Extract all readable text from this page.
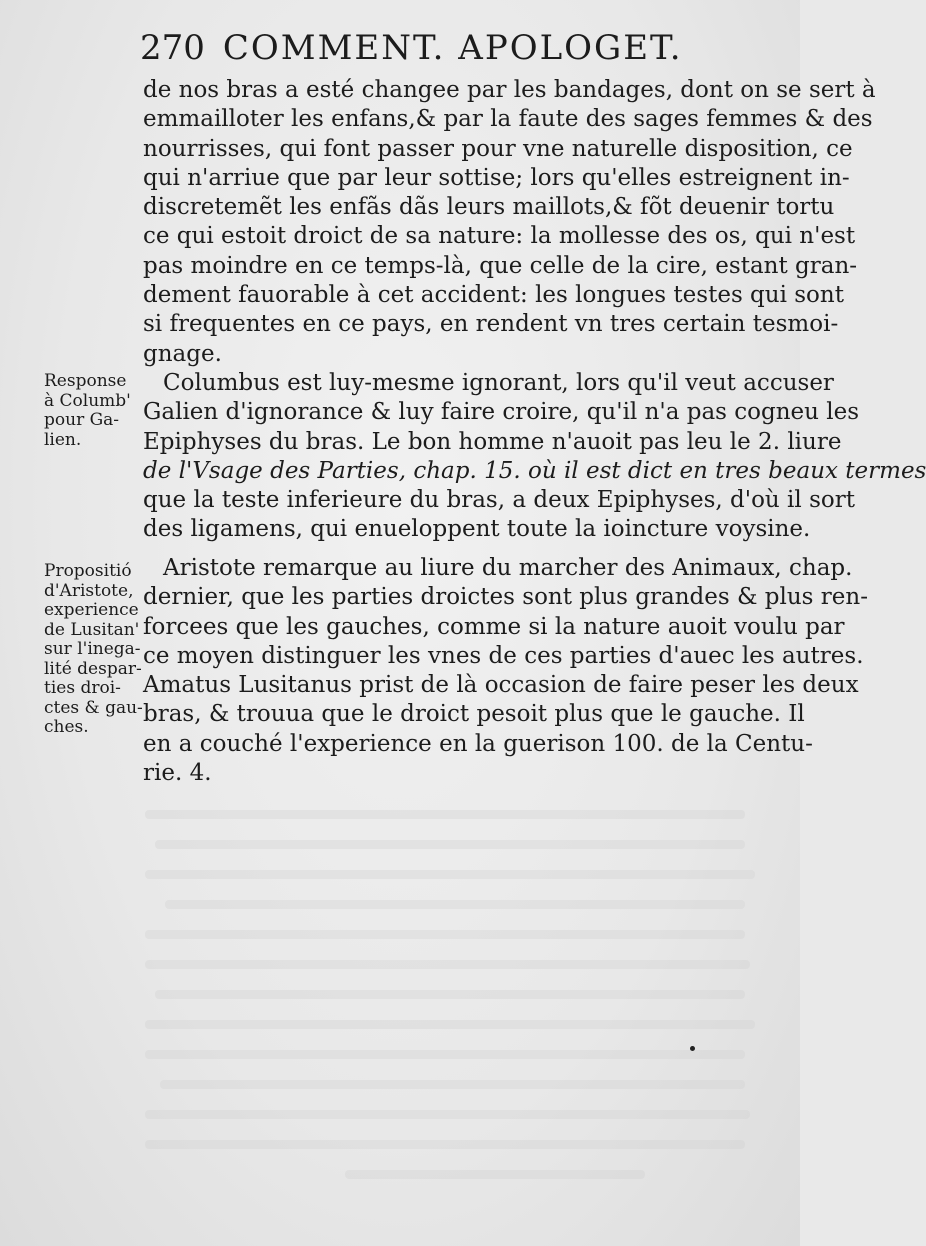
270 COMMENT. APOLOGET.
de nos bras a esté changee par les bandages, dont on se sert à
emmailloter les enfans,& par la faute des sages femmes & des
nourrisses, qui font passer pour vne naturelle disposition, ce
qui n'arriue que par leur sottise; lors qu'elles estreignent in-
discretemẽt les enfãs dãs leurs maillots,& fõt deuenir tortu
ce qui estoit droict de sa nature: la mollesse des os, qui n'est
pas moindre en ce temps-là, que celle de la cire, estant gran-
dement fauorable à cet accident: les longues testes qui sont
si frequentes en ce pays, en rendent vn tres certain tesmoi-
gnage.
Columbus est luy-mesme ignorant, lors qu'il veut accuser
Galien d'ignorance & luy faire croire, qu'il n'a pas cogneu les
Epiphyses du bras. Le bon homme n'auoit pas leu le 2. liure
de l'Vsage des Parties, chap. 15. où il est dict en tres beaux termes
que la teste inferieure du bras, a deux Epiphyses, d'où il sort
des ligamens, qui enueloppent toute la ioincture voysine.
Aristote remarque au liure du marcher des Animaux, chap.
dernier, que les parties droictes sont plus grandes & plus ren-
forcees que les gauches, comme si la nature auoit voulu par
ce moyen distinguer les vnes de ces parties d'auec les autres.
Amatus Lusitanus prist de là occasion de faire peser les deux
bras, & trouua que le droict pesoit plus que le gauche. Il
en a couché l'experience en la guerison 100. de la Centu-
rie. 4.
Response
à Columb'
pour Ga-
lien.
Propositió
d'Aristote,
experience
de Lusitan'
sur l'inega-
lité despar-
ties droi-
ctes & gau-
ches.
